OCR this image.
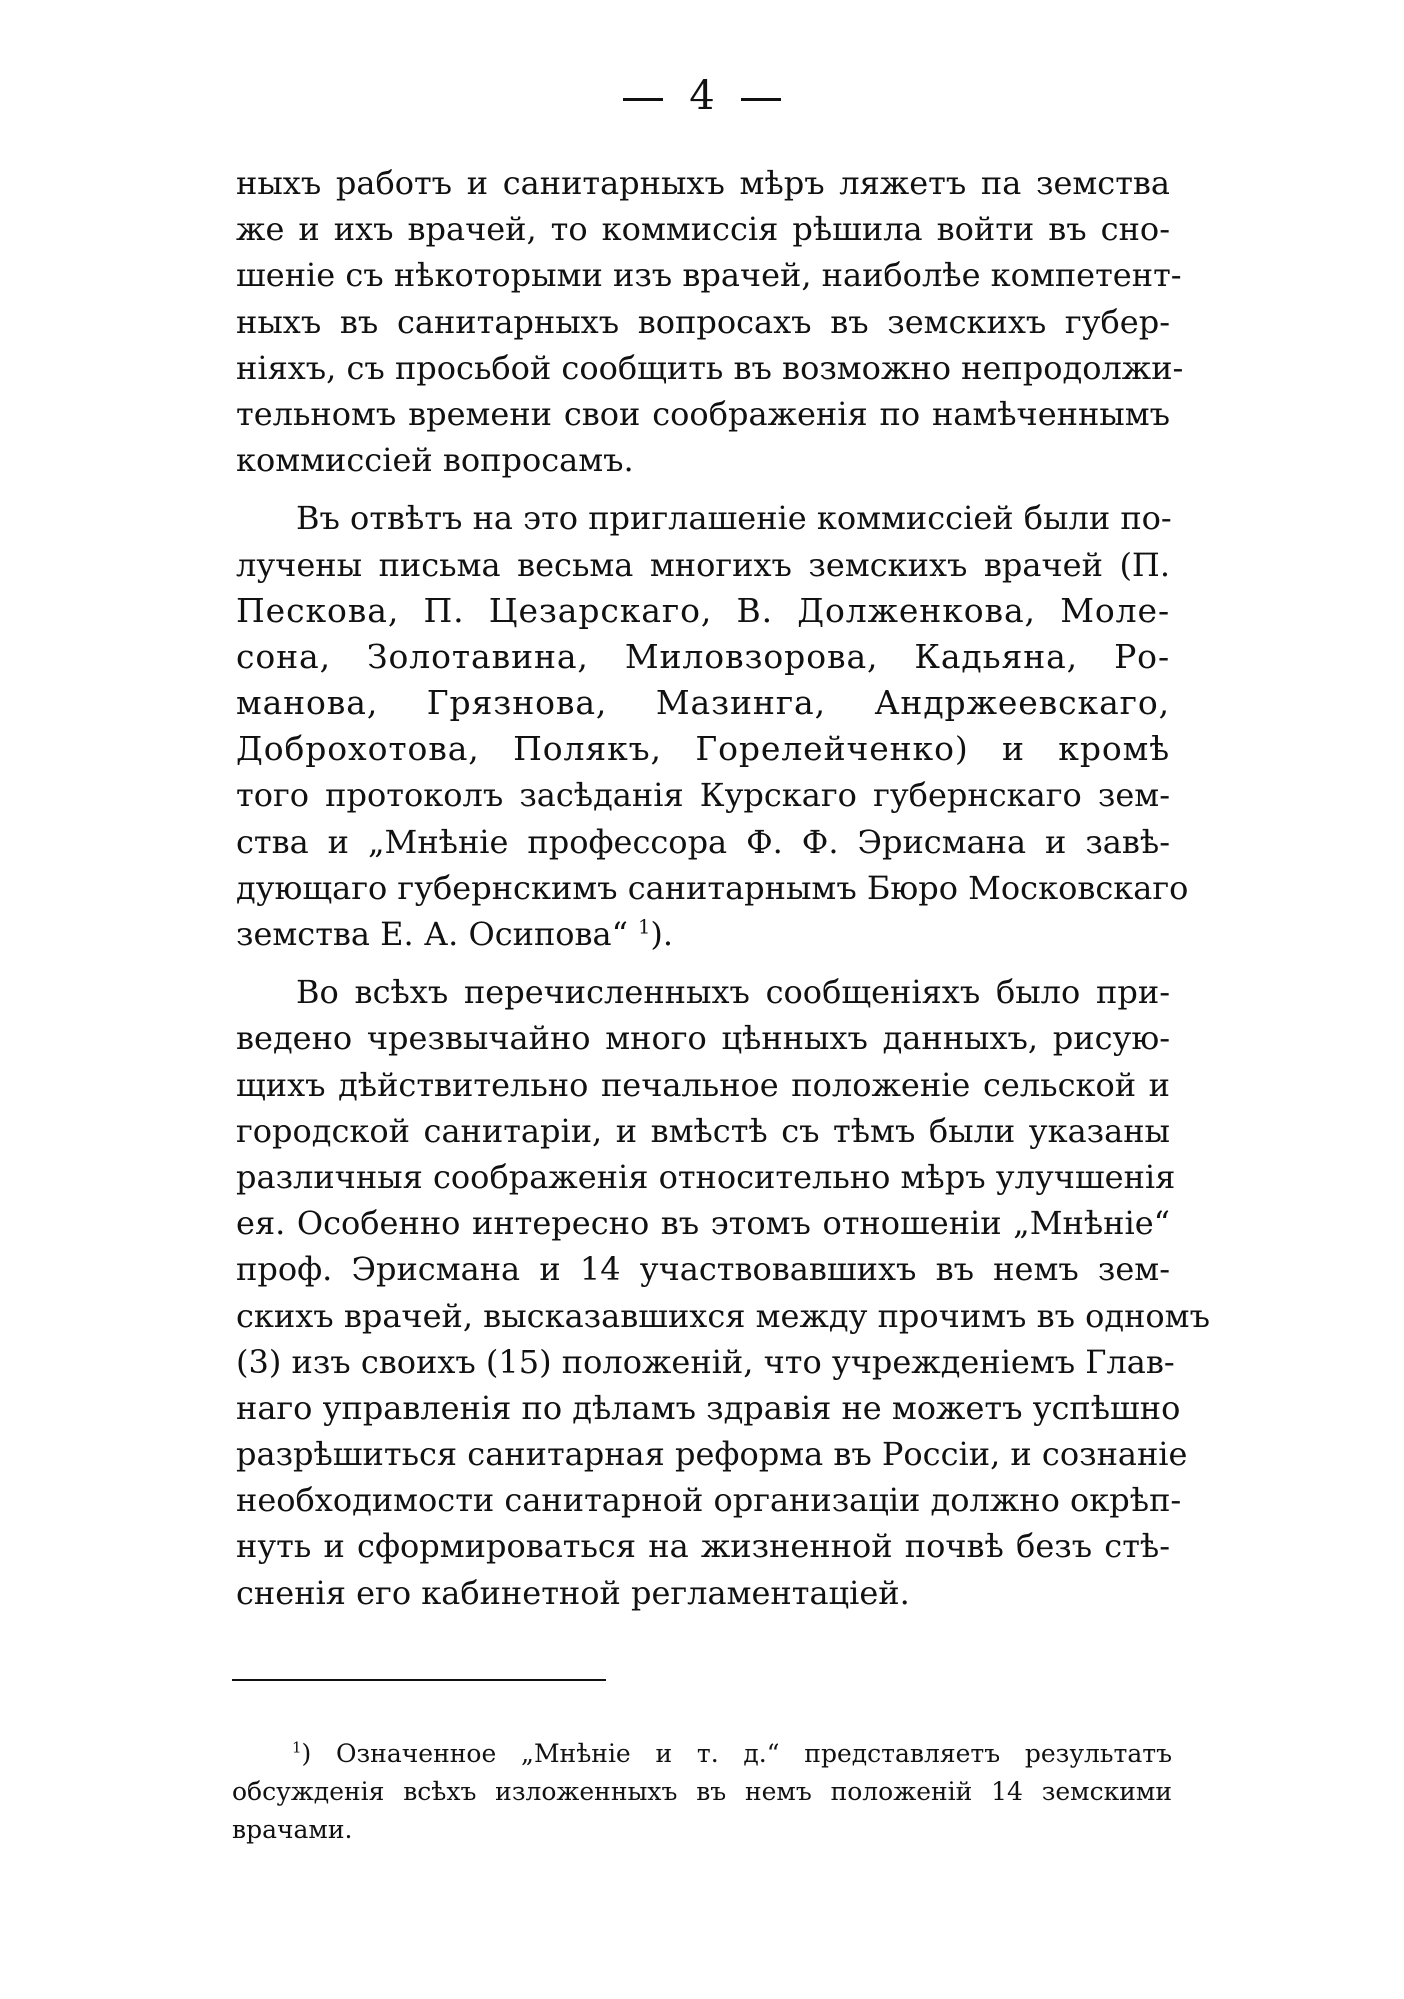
4
ныхъ работъ и санитарныхъ мѣръ ляжетъ па земства
же и ихъ врачей, то коммиссія рѣшила войти въ сно-
шеніе съ нѣкоторыми изъ врачей, наиболѣе компетент-
ныхъ въ санитарныхъ вопросахъ въ земскихъ губер-
ніяхъ, съ просьбой сообщить въ возможно непродолжи-
тельномъ времени свои соображенія по намѣченнымъ
коммиссіей вопросамъ.
Въ отвѣтъ на это приглашеніе коммиссіей были по-
лучены письма весьма многихъ земскихъ врачей (П.
Пескова, П. Цезарскаго, В. Долженкова, Моле-
сона, Золотавина, Миловзорова, Кадьяна, Ро-
манова, Грязнова, Мазинга, Андржеевскаго,
Доброхотова, Полякъ, Горелейченко) и кромѣ
того протоколъ засѣданія Курскаго губернскаго зем-
ства и „Мнѣніе профессора Ф. Ф. Эрисмана и завѣ-
дующаго губернскимъ санитарнымъ Бюро Московскаго
земства Е. А. Осипова“ $^1$).
Во всѣхъ перечисленныхъ сообщеніяхъ было при-
ведено чрезвычайно много цѣнныхъ данныхъ, рисую-
щихъ дѣйствительно печальное положеніе сельской и
городской санитаріи, и вмѣстѣ съ тѣмъ были указаны
различныя соображенія относительно мѣръ улучшенія
ея. Особенно интересно въ этомъ отношеніи „Мнѣніе“
проф. Эрисмана и 14 участвовавшихъ въ немъ зем-
скихъ врачей, высказавшихся между прочимъ въ одномъ
(3) изъ своихъ (15) положеній, что учрежденіемъ Глав-
наго управленія по дѣламъ здравія не можетъ успѣшно
разрѣшиться санитарная реформа въ Россіи, и сознаніе
необходимости санитарной организаціи должно окрѣп-
нуть и сформироваться на жизненной почвѣ безъ стѣ-
сненія его кабинетной регламентаціей.
$^1$) Означенное „Мнѣніе и т. д.“ представляетъ результатъ
обсужденія всѣхъ изложенныхъ въ немъ положеній 14 земскими
врачами.
